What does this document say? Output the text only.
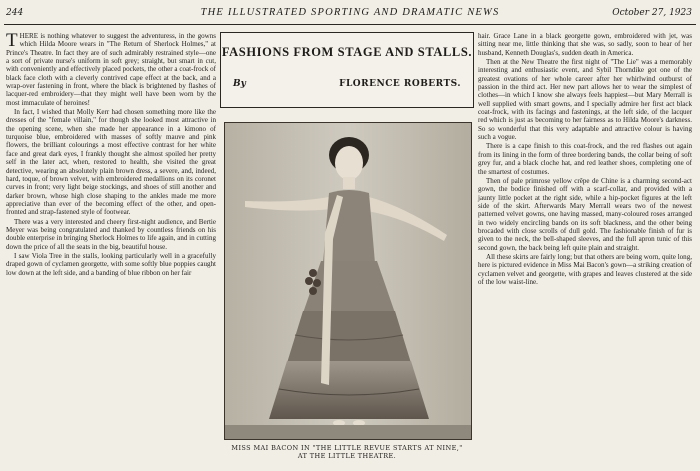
244	THE ILLUSTRATED SPORTING AND DRAMATIC NEWS	October 27, 1923

THERE is nothing whatever to suggest the adventuress, in the gowns which Hilda Moore wears in "The Return of Sherlock Holmes," at Prince's Theatre. In fact they are of such admirably restrained style—one a sort of private nurse's uniform in soft grey; straight, but smart in cut, with conveniently and effectively placed pockets, the other a coat-frock of black face cloth with a cleverly contrived cape effect at the back, and a wrap-over fastening in front, where the black is brightened by flashes of lacquer-red embroidery—that they might well have been worn by the most immaculate of heroines!

In fact, I wished that Molly Kerr had chosen something more like the dresses of the "female villain," for though she looked most attractive in the opening scene, when she made her appearance in a kimono of turquoise blue, embroidered with masses of softly mauve and pink flowers, the brilliant colourings a most effective contrast for her white face and great dark eyes, I frankly thought she almost spoiled her pretty self in the later act, when, restored to health, she visited the great detective, wearing an absolutely plain brown dress, a severe, and, indeed, hard, toque, of brown velvet, with embroidered medallions on its coronet curves in front; very light beige stockings, and shoes of still another and darker brown, whose high close shaping to the ankles made me more appreciative than ever of the becoming effect of the other, and open-fronted and strap-fastened style of footwear.

There was a very interested and cheery first-night audience, and Bertie Meyer was being congratulated and thanked by countless friends on his double enterprise in bringing Sherlock Holmes to life again, and in cutting down the price of all the seats in the big, beautiful house.

I saw Viola Tree in the stalls, looking particularly well in a gracefully draped gown of cyclamen georgette, with some softly blue poppies caught low down at the left side, and a banding of blue ribbon on her fair

FASHIONS FROM STAGE AND STALLS.
By	FLORENCE ROBERTS.
MISS MAI BACON IN "THE LITTLE REVUE STARTS AT NINE,"
AT THE LITTLE THEATRE.

hair. Grace Lane in a black georgette gown, embroidered with jet, was sitting near me, little thinking that she was, so sadly, soon to hear of her husband, Kenneth Douglas's, sudden death in America.

Then at the New Theatre the first night of "The Lie" was a memorably interesting and enthusiastic event, and Sybil Thorndike got one of the greatest ovations of her whole career after her whirlwind outburst of passion in the third act. Her new part allows her to wear the simplest of clothes—in which I know she always feels happiest—but Mary Merrall is well supplied with smart gowns, and I specially admire her first act black coat-frock, with its facings and fastenings, at the left side, of the lacquer red which is just as becoming to her fairness as to Hilda Moore's darkness. So so wonderful that this very adaptable and attractive colour is having such a vogue.

There is a cape finish to this coat-frock, and the red flashes out again from its lining in the form of three bordering bands, the collar being of soft grey fur, and a black cloche hat, and red leather shoes, completing one of the smartest of costumes.

Then of pale primrose yellow crêpe de Chine is a charming second-act gown, the bodice finished off with a scarf-collar, and provided with a jaunty little pocket at the right side, while a hip-pocket figures at the left side of the skirt. Afterwards Mary Merrall wears two of the newest patterned velvet gowns, one having massed, many-coloured roses arranged in two widely encircling bands on its soft blackness, and the other being brocaded with close scrolls of dull gold. The fashionable finish of fur is given to the neck, the bell-shaped sleeves, and the full apron tunic of this second gown, the back being left quite plain and straight.

All these skirts are fairly long; but that others are being worn, quite long, here is pictured evidence in Miss Mai Bacon's gown—a striking creation of cyclamen velvet and georgette, with grapes and leaves clustered at the side of the low waist-line.
